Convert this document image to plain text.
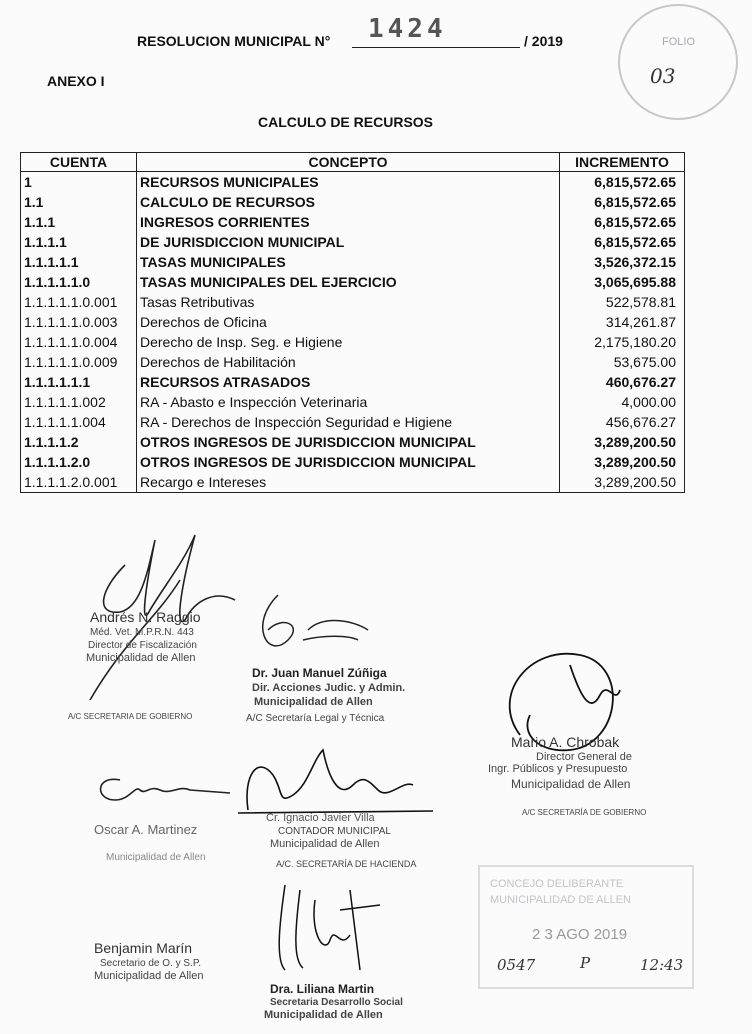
RESOLUCION MUNICIPAL N° 1424	/ 2019
ANEXO I
CALCULO DE RECURSOS
FOLIO
03
CUENTA	CONCEPTO	INCREMENTO
1	RECURSOS MUNICIPALES	6,815,572.65
1.1	CALCULO DE RECURSOS	6,815,572.65
1.1.1	INGRESOS CORRIENTES	6,815,572.65
1.1.1.1	DE JURISDICCION MUNICIPAL	6,815,572.65
1.1.1.1.1	TASAS MUNICIPALES	3,526,372.15
1.1.1.1.1.0	TASAS MUNICIPALES DEL EJERCICIO	3,065,695.88
1.1.1.1.1.0.001	Tasas Retributivas	522,578.81
1.1.1.1.1.0.003	Derechos de Oficina	314,261.87
1.1.1.1.1.0.004	Derecho de Insp. Seg. e Higiene	2,175,180.20
1.1.1.1.1.0.009	Derechos de Habilitación	53,675.00
1.1.1.1.1.1	RECURSOS ATRASADOS	460,676.27
1.1.1.1.1.002	RA - Abasto e Inspección Veterinaria	4,000.00
1.1.1.1.1.004	RA - Derechos de Inspección Seguridad e Higiene	456,676.27
1.1.1.1.2	OTROS INGRESOS DE JURISDICCION MUNICIPAL	3,289,200.50
1.1.1.1.2.0	OTROS INGRESOS DE JURISDICCION MUNICIPAL	3,289,200.50
1.1.1.1.2.0.001	Recargo e Intereses	3,289,200.50
Andrés N. Raggio
Méd. Vet. M.P.R.N. 443
Director de Fiscalización
Municipalidad de Allen
A/C SECRETARIA DE GOBIERNO
Dr. Juan Manuel Zúñiga
Dir. Acciones Judic. y Admin.
Municipalidad de Allen
A/C Secretaría Legal y Técnica
Mario A. Chrobak
Director General de
Ingr. Públicos y Presupuesto
Municipalidad de Allen
A/C SECRETARÍA DE GOBIERNO
Oscar A. Martinez
Municipalidad de Allen
Cr. Ignacio Javier Villa
CONTADOR MUNICIPAL
Municipalidad de Allen
A/C. SECRETARÍA DE HACIENDA
Dra. Liliana Martin
Secretaria Desarrollo Social
Municipalidad de Allen
Benjamin Marín
Secretario de O. y S.P.
Municipalidad de Allen
CONCEJO DELIBERANTE
MUNICIPALIDAD DE ALLEN
2 3 AGO 2019
0547	P	12:43
